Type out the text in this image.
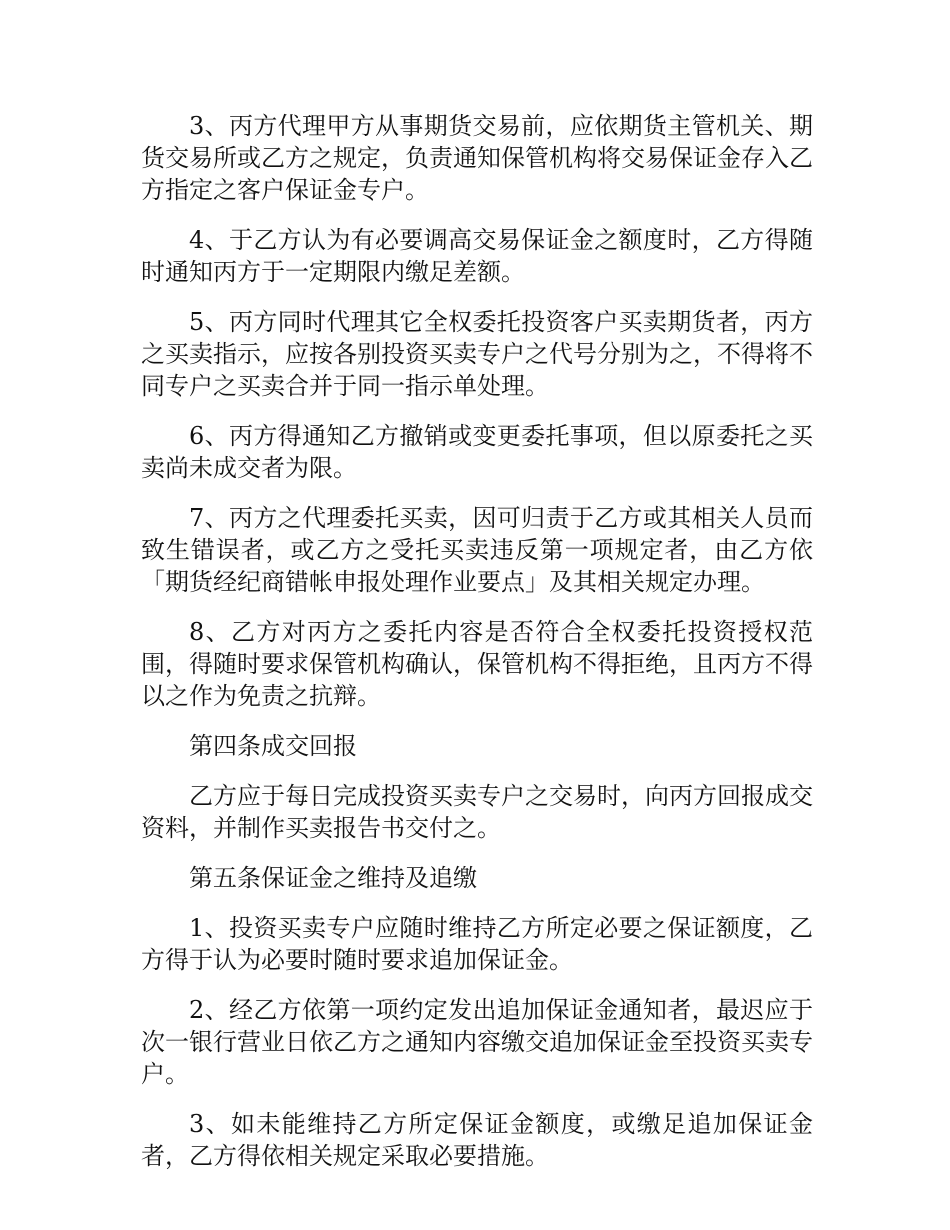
3、丙方代理甲方从事期货交易前，应依期货主管机关、期货交易所或乙方之规定，负责通知保管机构将交易保证金存入乙方指定之客户保证金专户。

4、于乙方认为有必要调高交易保证金之额度时，乙方得随时通知丙方于一定期限内缴足差额。

5、丙方同时代理其它全权委托投资客户买卖期货者，丙方之买卖指示，应按各别投资买卖专户之代号分别为之，不得将不同专户之买卖合并于同一指示单处理。

6、丙方得通知乙方撤销或变更委托事项，但以原委托之买卖尚未成交者为限。

7、丙方之代理委托买卖，因可归责于乙方或其相关人员而致生错误者，或乙方之受托买卖违反第一项规定者，由乙方依「期货经纪商错帐申报处理作业要点」及其相关规定办理。

8、乙方对丙方之委托内容是否符合全权委托投资授权范围，得随时要求保管机构确认，保管机构不得拒绝，且丙方不得以之作为免责之抗辩。

第四条成交回报

乙方应于每日完成投资买卖专户之交易时，向丙方回报成交资料，并制作买卖报告书交付之。

第五条保证金之维持及追缴

1、投资买卖专户应随时维持乙方所定必要之保证额度，乙方得于认为必要时随时要求追加保证金。

2、经乙方依第一项约定发出追加保证金通知者，最迟应于次一银行营业日依乙方之通知内容缴交追加保证金至投资买卖专户。

3、如未能维持乙方所定保证金额度，或缴足追加保证金者，乙方得依相关规定采取必要措施。
